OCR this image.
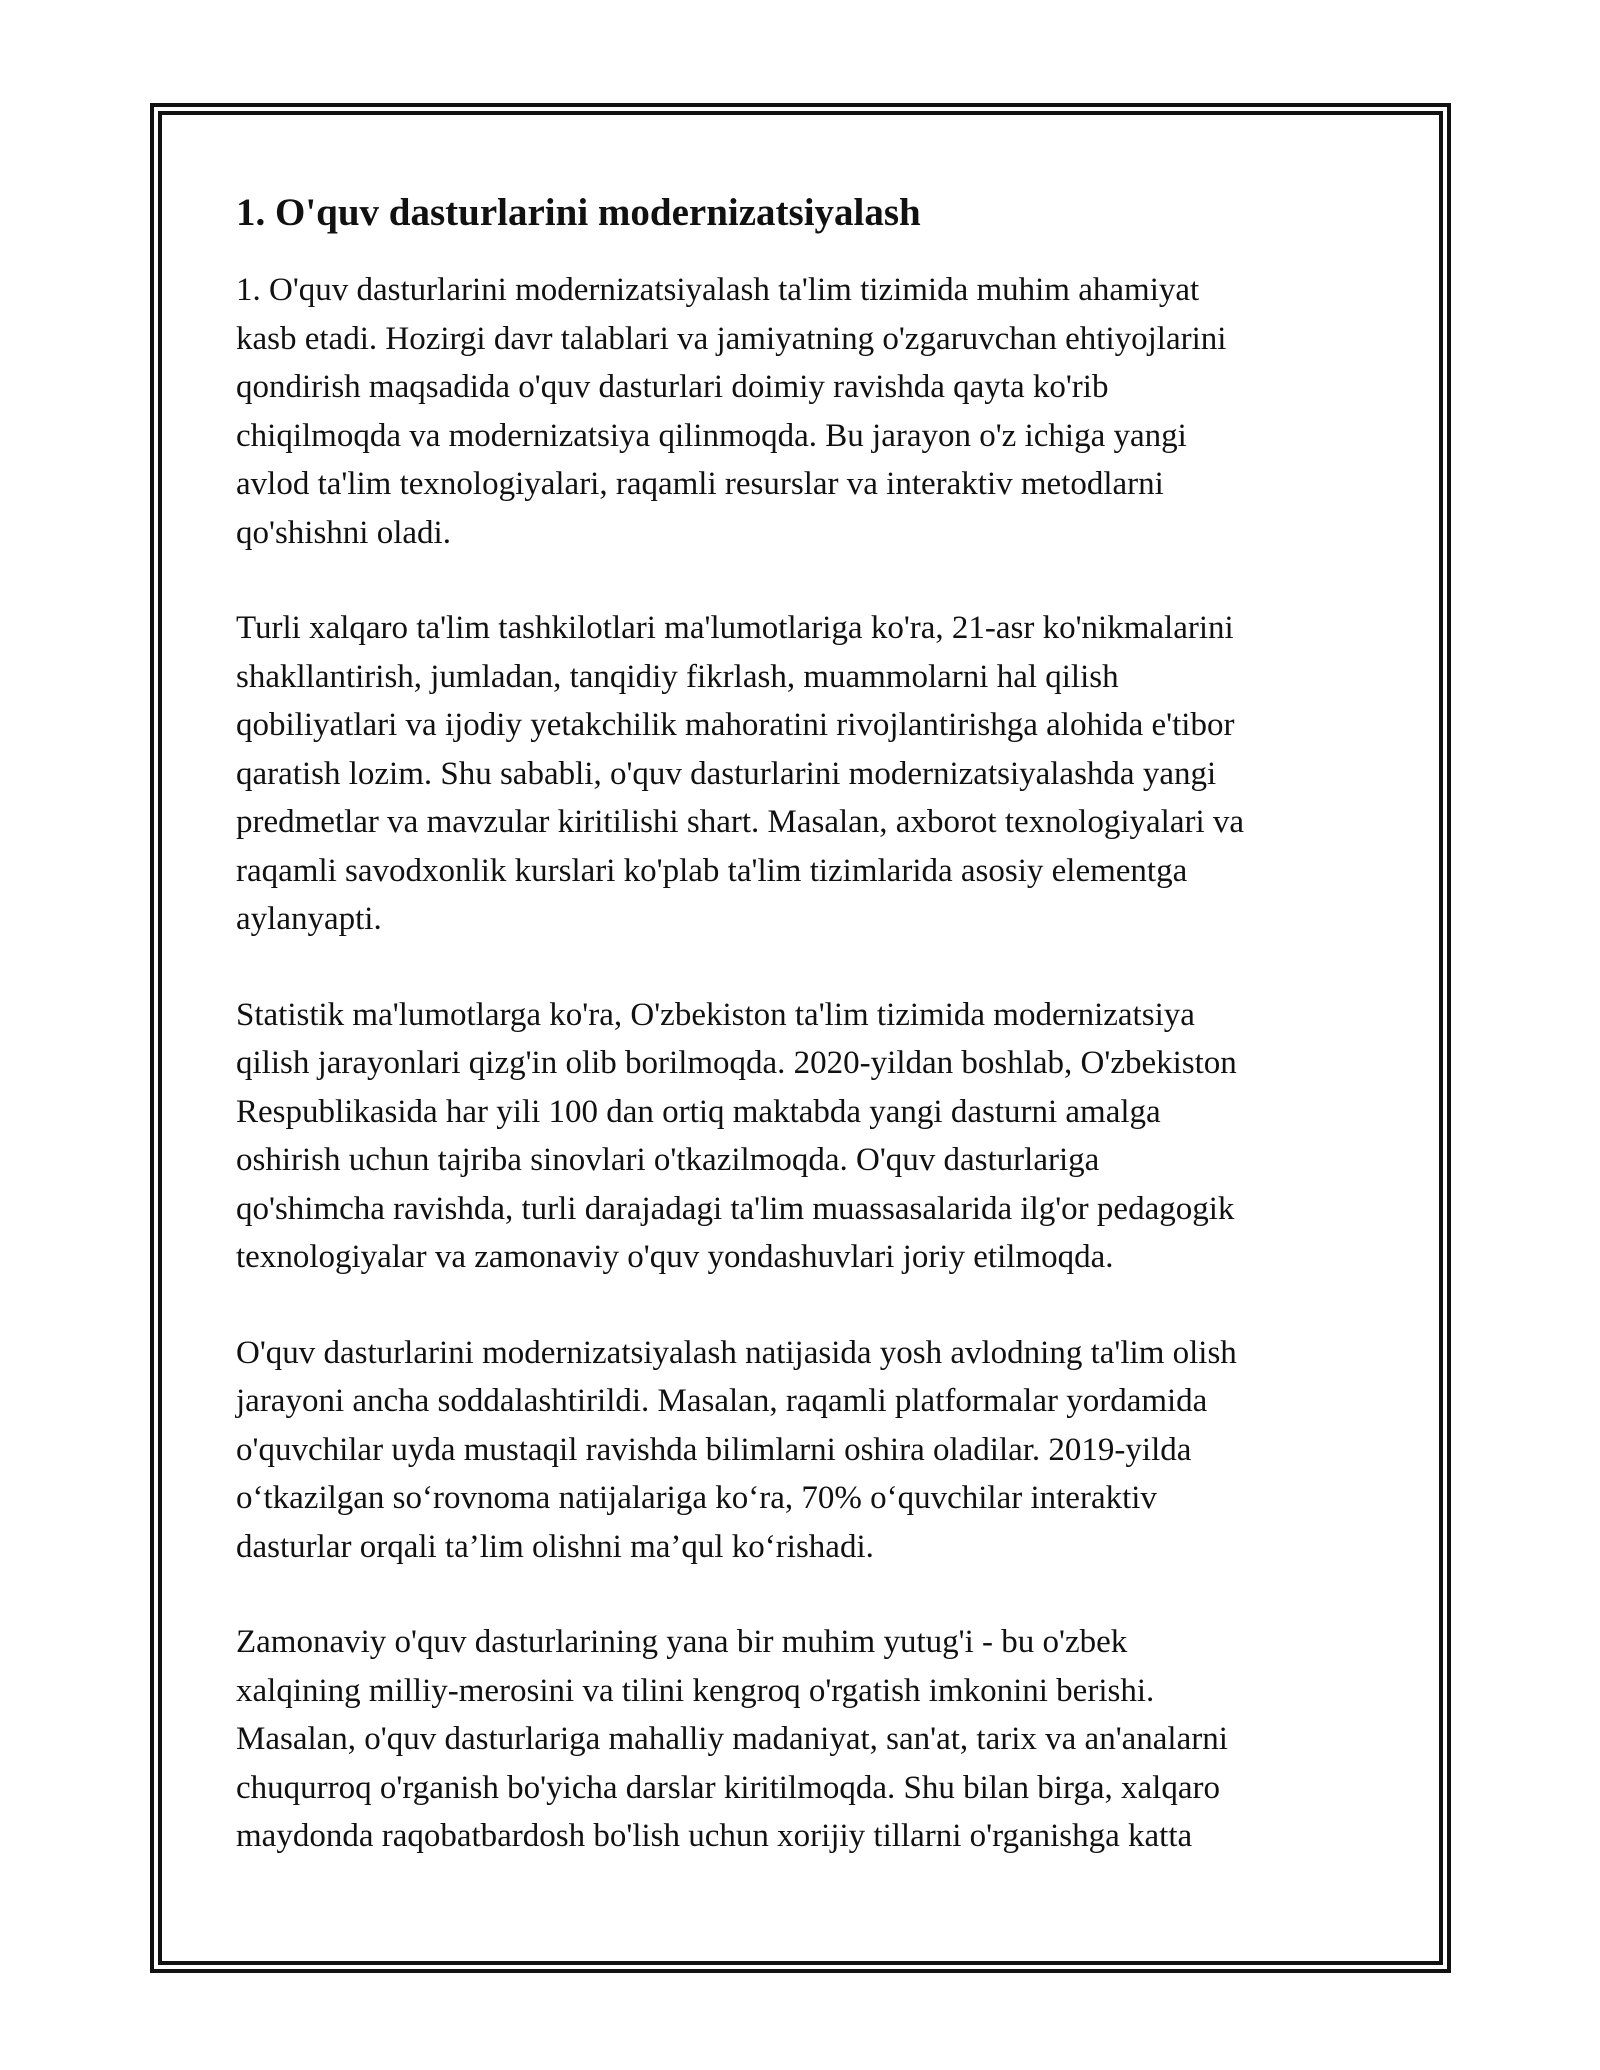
1. O'quv dasturlarini modernizatsiyalash
1. O'quv dasturlarini modernizatsiyalash ta'lim tizimida muhim ahamiyat
kasb etadi. Hozirgi davr talablari va jamiyatning o'zgaruvchan ehtiyojlarini
qondirish maqsadida o'quv dasturlari doimiy ravishda qayta ko'rib
chiqilmoqda va modernizatsiya qilinmoqda. Bu jarayon o'z ichiga yangi
avlod ta'lim texnologiyalari, raqamli resurslar va interaktiv metodlarni
qo'shishni oladi.
Turli xalqaro ta'lim tashkilotlari ma'lumotlariga ko'ra, 21-asr ko'nikmalarini
shakllantirish, jumladan, tanqidiy fikrlash, muammolarni hal qilish
qobiliyatlari va ijodiy yetakchilik mahoratini rivojlantirishga alohida e'tibor
qaratish lozim. Shu sababli, o'quv dasturlarini modernizatsiyalashda yangi
predmetlar va mavzular kiritilishi shart. Masalan, axborot texnologiyalari va
raqamli savodxonlik kurslari ko'plab ta'lim tizimlarida asosiy elementga
aylanyapti.
Statistik ma'lumotlarga ko'ra, O'zbekiston ta'lim tizimida modernizatsiya
qilish jarayonlari qizg'in olib borilmoqda. 2020-yildan boshlab, O'zbekiston
Respublikasida har yili 100 dan ortiq maktabda yangi dasturni amalga
oshirish uchun tajriba sinovlari o'tkazilmoqda. O'quv dasturlariga
qo'shimcha ravishda, turli darajadagi ta'lim muassasalarida ilg'or pedagogik
texnologiyalar va zamonaviy o'quv yondashuvlari joriy etilmoqda.
O'quv dasturlarini modernizatsiyalash natijasida yosh avlodning ta'lim olish
jarayoni ancha soddalashtirildi. Masalan, raqamli platformalar yordamida
o'quvchilar uyda mustaqil ravishda bilimlarni oshira oladilar. 2019-yilda
o‘tkazilgan so‘rovnoma natijalariga ko‘ra, 70% o‘quvchilar interaktiv
dasturlar orqali ta’lim olishni ma’qul ko‘rishadi.
Zamonaviy o'quv dasturlarining yana bir muhim yutug'i - bu o'zbek
xalqining milliy-merosini va tilini kengroq o'rgatish imkonini berishi.
Masalan, o'quv dasturlariga mahalliy madaniyat, san'at, tarix va an'analarni
chuqurroq o'rganish bo'yicha darslar kiritilmoqda. Shu bilan birga, xalqaro
maydonda raqobatbardosh bo'lish uchun xorijiy tillarni o'rganishga katta
